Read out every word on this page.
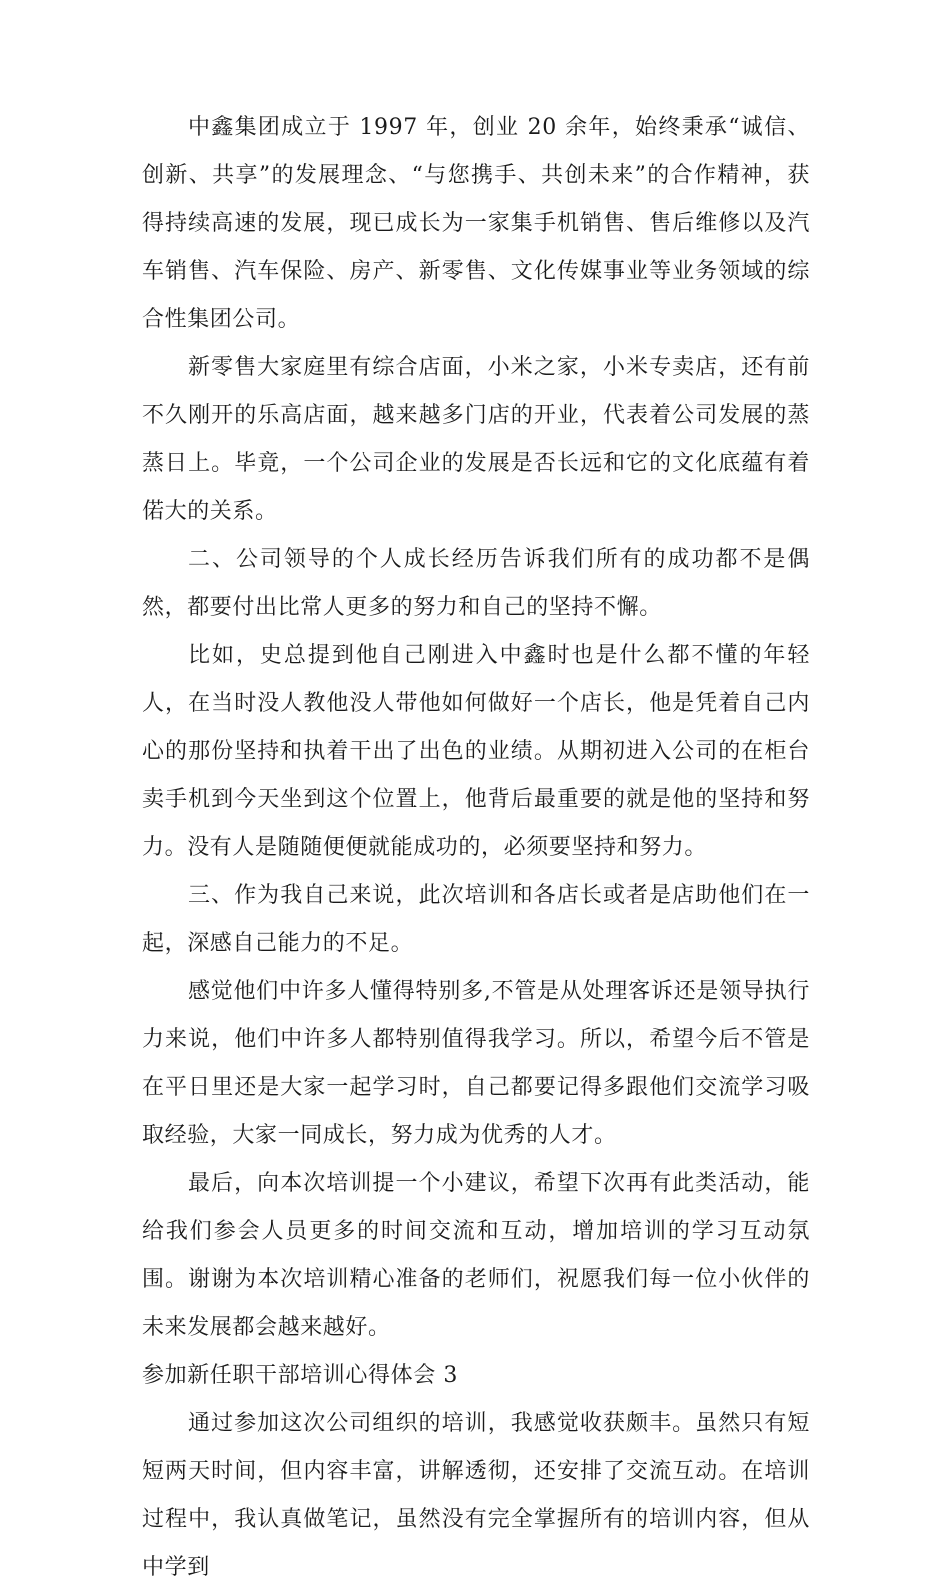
中鑫集团成立于 1997 年，创业 20 余年，始终秉承“诚信、创新、共享”的发展理念、“与您携手、共创未来”的合作精神，获得持续高速的发展，现已成长为一家集手机销售、售后维修以及汽车销售、汽车保险、房产、新零售、文化传媒事业等业务领域的综合性集团公司。

新零售大家庭里有综合店面，小米之家，小米专卖店，还有前不久刚开的乐高店面，越来越多门店的开业，代表着公司发展的蒸蒸日上。毕竟，一个公司企业的发展是否长远和它的文化底蕴有着偌大的关系。

二、公司领导的个人成长经历告诉我们所有的成功都不是偶然，都要付出比常人更多的努力和自己的坚持不懈。

比如，史总提到他自己刚进入中鑫时也是什么都不懂的年轻人，在当时没人教他没人带他如何做好一个店长，他是凭着自己内心的那份坚持和执着干出了出色的业绩。从期初进入公司的在柜台卖手机到今天坐到这个位置上，他背后最重要的就是他的坚持和努力。没有人是随随便便就能成功的，必须要坚持和努力。

三、作为我自己来说，此次培训和各店长或者是店助他们在一起，深感自己能力的不足。

感觉他们中许多人懂得特别多,不管是从处理客诉还是领导执行力来说，他们中许多人都特别值得我学习。所以，希望今后不管是在平日里还是大家一起学习时，自己都要记得多跟他们交流学习吸取经验，大家一同成长，努力成为优秀的人才。

最后，向本次培训提一个小建议，希望下次再有此类活动，能给我们参会人员更多的时间交流和互动，增加培训的学习互动氛围。谢谢为本次培训精心准备的老师们，祝愿我们每一位小伙伴的未来发展都会越来越好。

参加新任职干部培训心得体会 3

通过参加这次公司组织的培训，我感觉收获颇丰。虽然只有短短两天时间，但内容丰富，讲解透彻，还安排了交流互动。在培训过程中，我认真做笔记，虽然没有完全掌握所有的培训内容，但从中学到
